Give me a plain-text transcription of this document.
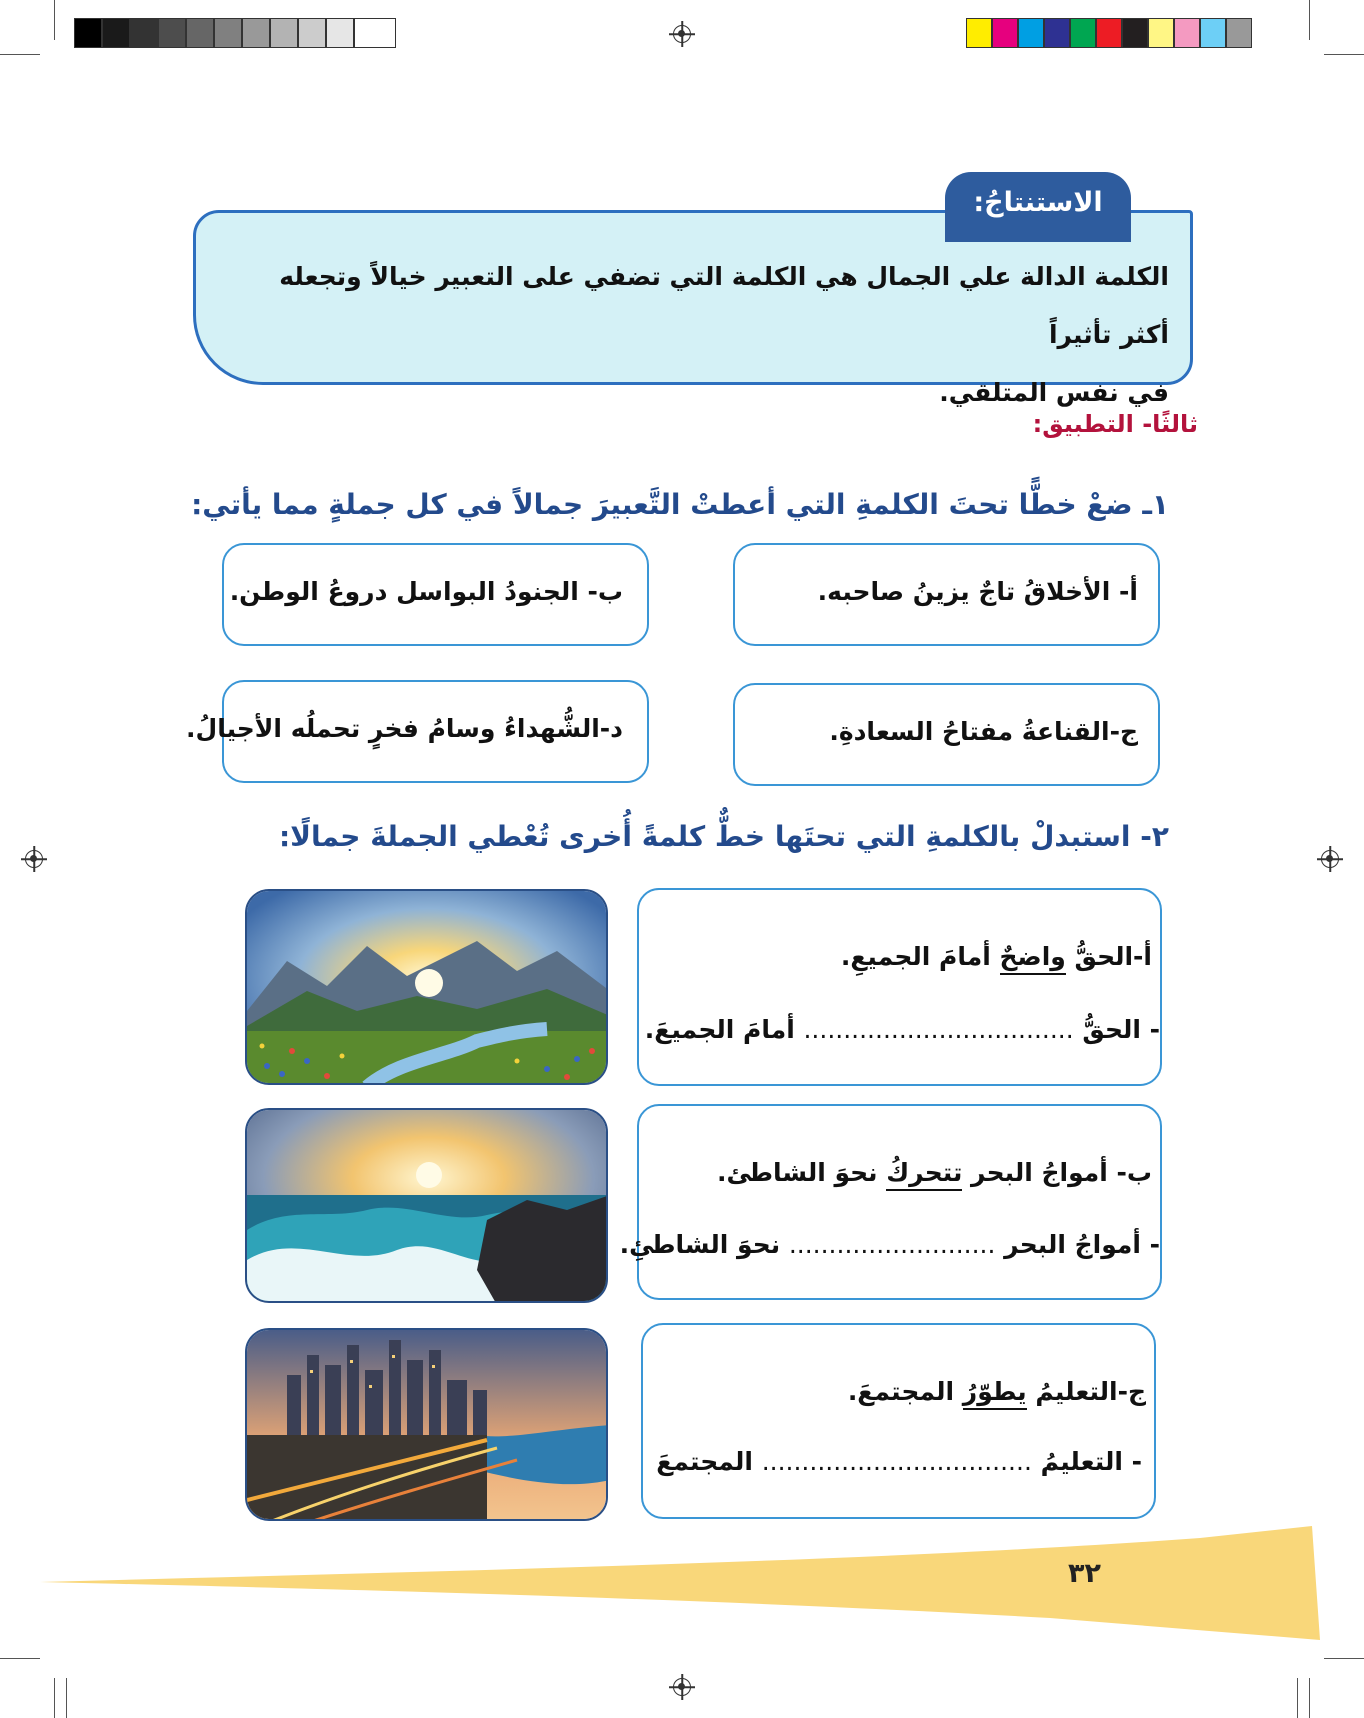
الاستنتاجُ:
الكلمة الدالة علي الجمال هي الكلمة التي تضفي على التعبير خيالاً وتجعله أكثر تأثيراً
في نفس المتلقي.
ثالثًا- التطبيق:
١ـ ضعْ خطًّا تحتَ الكلمةِ التي أعطتْ التَّعبيرَ جمالاً في كل جملةٍ مما يأتي:
أ- الأخلاقُ تاجٌ يزينُ صاحبه.
ب- الجنودُ البواسل دروعُ الوطن.
ج-القناعةُ مفتاحُ السعادةِ.
د-الشُّهداءُ وسامُ فخرٍ تحملُه الأجيالُ.
٢- استبدلْ بالكلمةِ التي تحتَها خطٌّ كلمةً أُخرى تُعْطي الجملةَ جمالًا:
أ-الحقُّ واضحٌ أمامَ الجميعِ.
- الحقُّ .................................. أمامَ الجميعَ.
ب- أمواجُ البحر تتحركُ نحوَ الشاطئ.
- أمواجُ البحر .......................... نحوَ الشاطئِ.
ج-التعليمُ يطوّرُ المجتمعَ.
- التعليمُ .................................. المجتمعَ
٣٢
